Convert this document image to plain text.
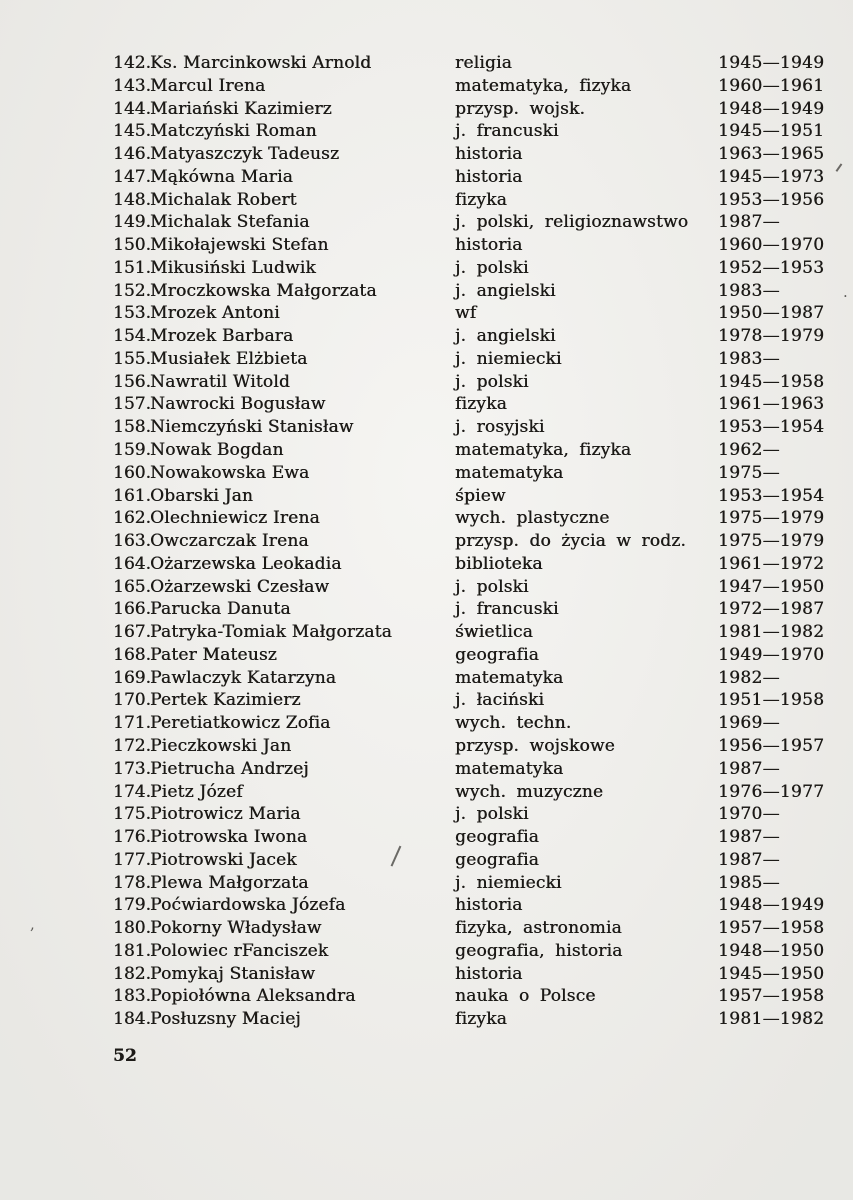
142. Ks. Marcinkowski Arnold	religia	1945—1949
143. Marcul Irena	matematyka, fizyka	1960—1961
144. Mariański Kazimierz	przysp. wojsk.	1948—1949
145. Matczyński Roman	j. francuski	1945—1951
146. Matyaszczyk Tadeusz	historia	1963—1965
147. Mąkówna Maria	historia	1945—1973
148. Michalak Robert	fizyka	1953—1956
149. Michalak Stefania	j. polski, religioznawstwo	1987—
150. Mikołajewski Stefan	historia	1960—1970
151. Mikusiński Ludwik	j. polski	1952—1953
152. Mroczkowska Małgorzata	j. angielski	1983—
153. Mrozek Antoni	wf	1950—1987
154. Mrozek Barbara	j. angielski	1978—1979
155. Musiałek Elżbieta	j. niemiecki	1983—
156. Nawratil Witold	j. polski	1945—1958
157. Nawrocki Bogusław	fizyka	1961—1963
158. Niemczyński Stanisław	j. rosyjski	1953—1954
159. Nowak Bogdan	matematyka, fizyka	1962—
160. Nowakowska Ewa	matematyka	1975—
161. Obarski Jan	śpiew	1953—1954
162. Olechniewicz Irena	wych. plastyczne	1975—1979
163. Owczarczak Irena	przysp. do życia w rodz.	1975—1979
164. Ożarzewska Leokadia	biblioteka	1961—1972
165. Ożarzewski Czesław	j. polski	1947—1950
166. Parucka Danuta	j. francuski	1972—1987
167. Patryka-Tomiak Małgorzata	świetlica	1981—1982
168. Pater Mateusz	geografia	1949—1970
169. Pawlaczyk Katarzyna	matematyka	1982—
170. Pertek Kazimierz	j. łaciński	1951—1958
171. Peretiatkowicz Zofia	wych. techn.	1969—
172. Pieczkowski Jan	przysp. wojskowe	1956—1957
173. Pietrucha Andrzej	matematyka	1987—
174. Pietz Józef	wych. muzyczne	1976—1977
175. Piotrowicz Maria	j. polski	1970—
176. Piotrowska Iwona	geografia	1987—
177. Piotrowski Jacek	geografia	1987—
178. Plewa Małgorzata	j. niemiecki	1985—
179. Poćwiardowska Józefa	historia	1948—1949
180. Pokorny Władysław	fizyka, astronomia	1957—1958
181. Polowiec rFanciszek	geografia, historia	1948—1950
182. Pomykaj Stanisław	historia	1945—1950
183. Popiołówna Aleksandra	nauka o Polsce	1957—1958
184. Posłuzsny Maciej	fizyka	1981—1982
52
,
.
